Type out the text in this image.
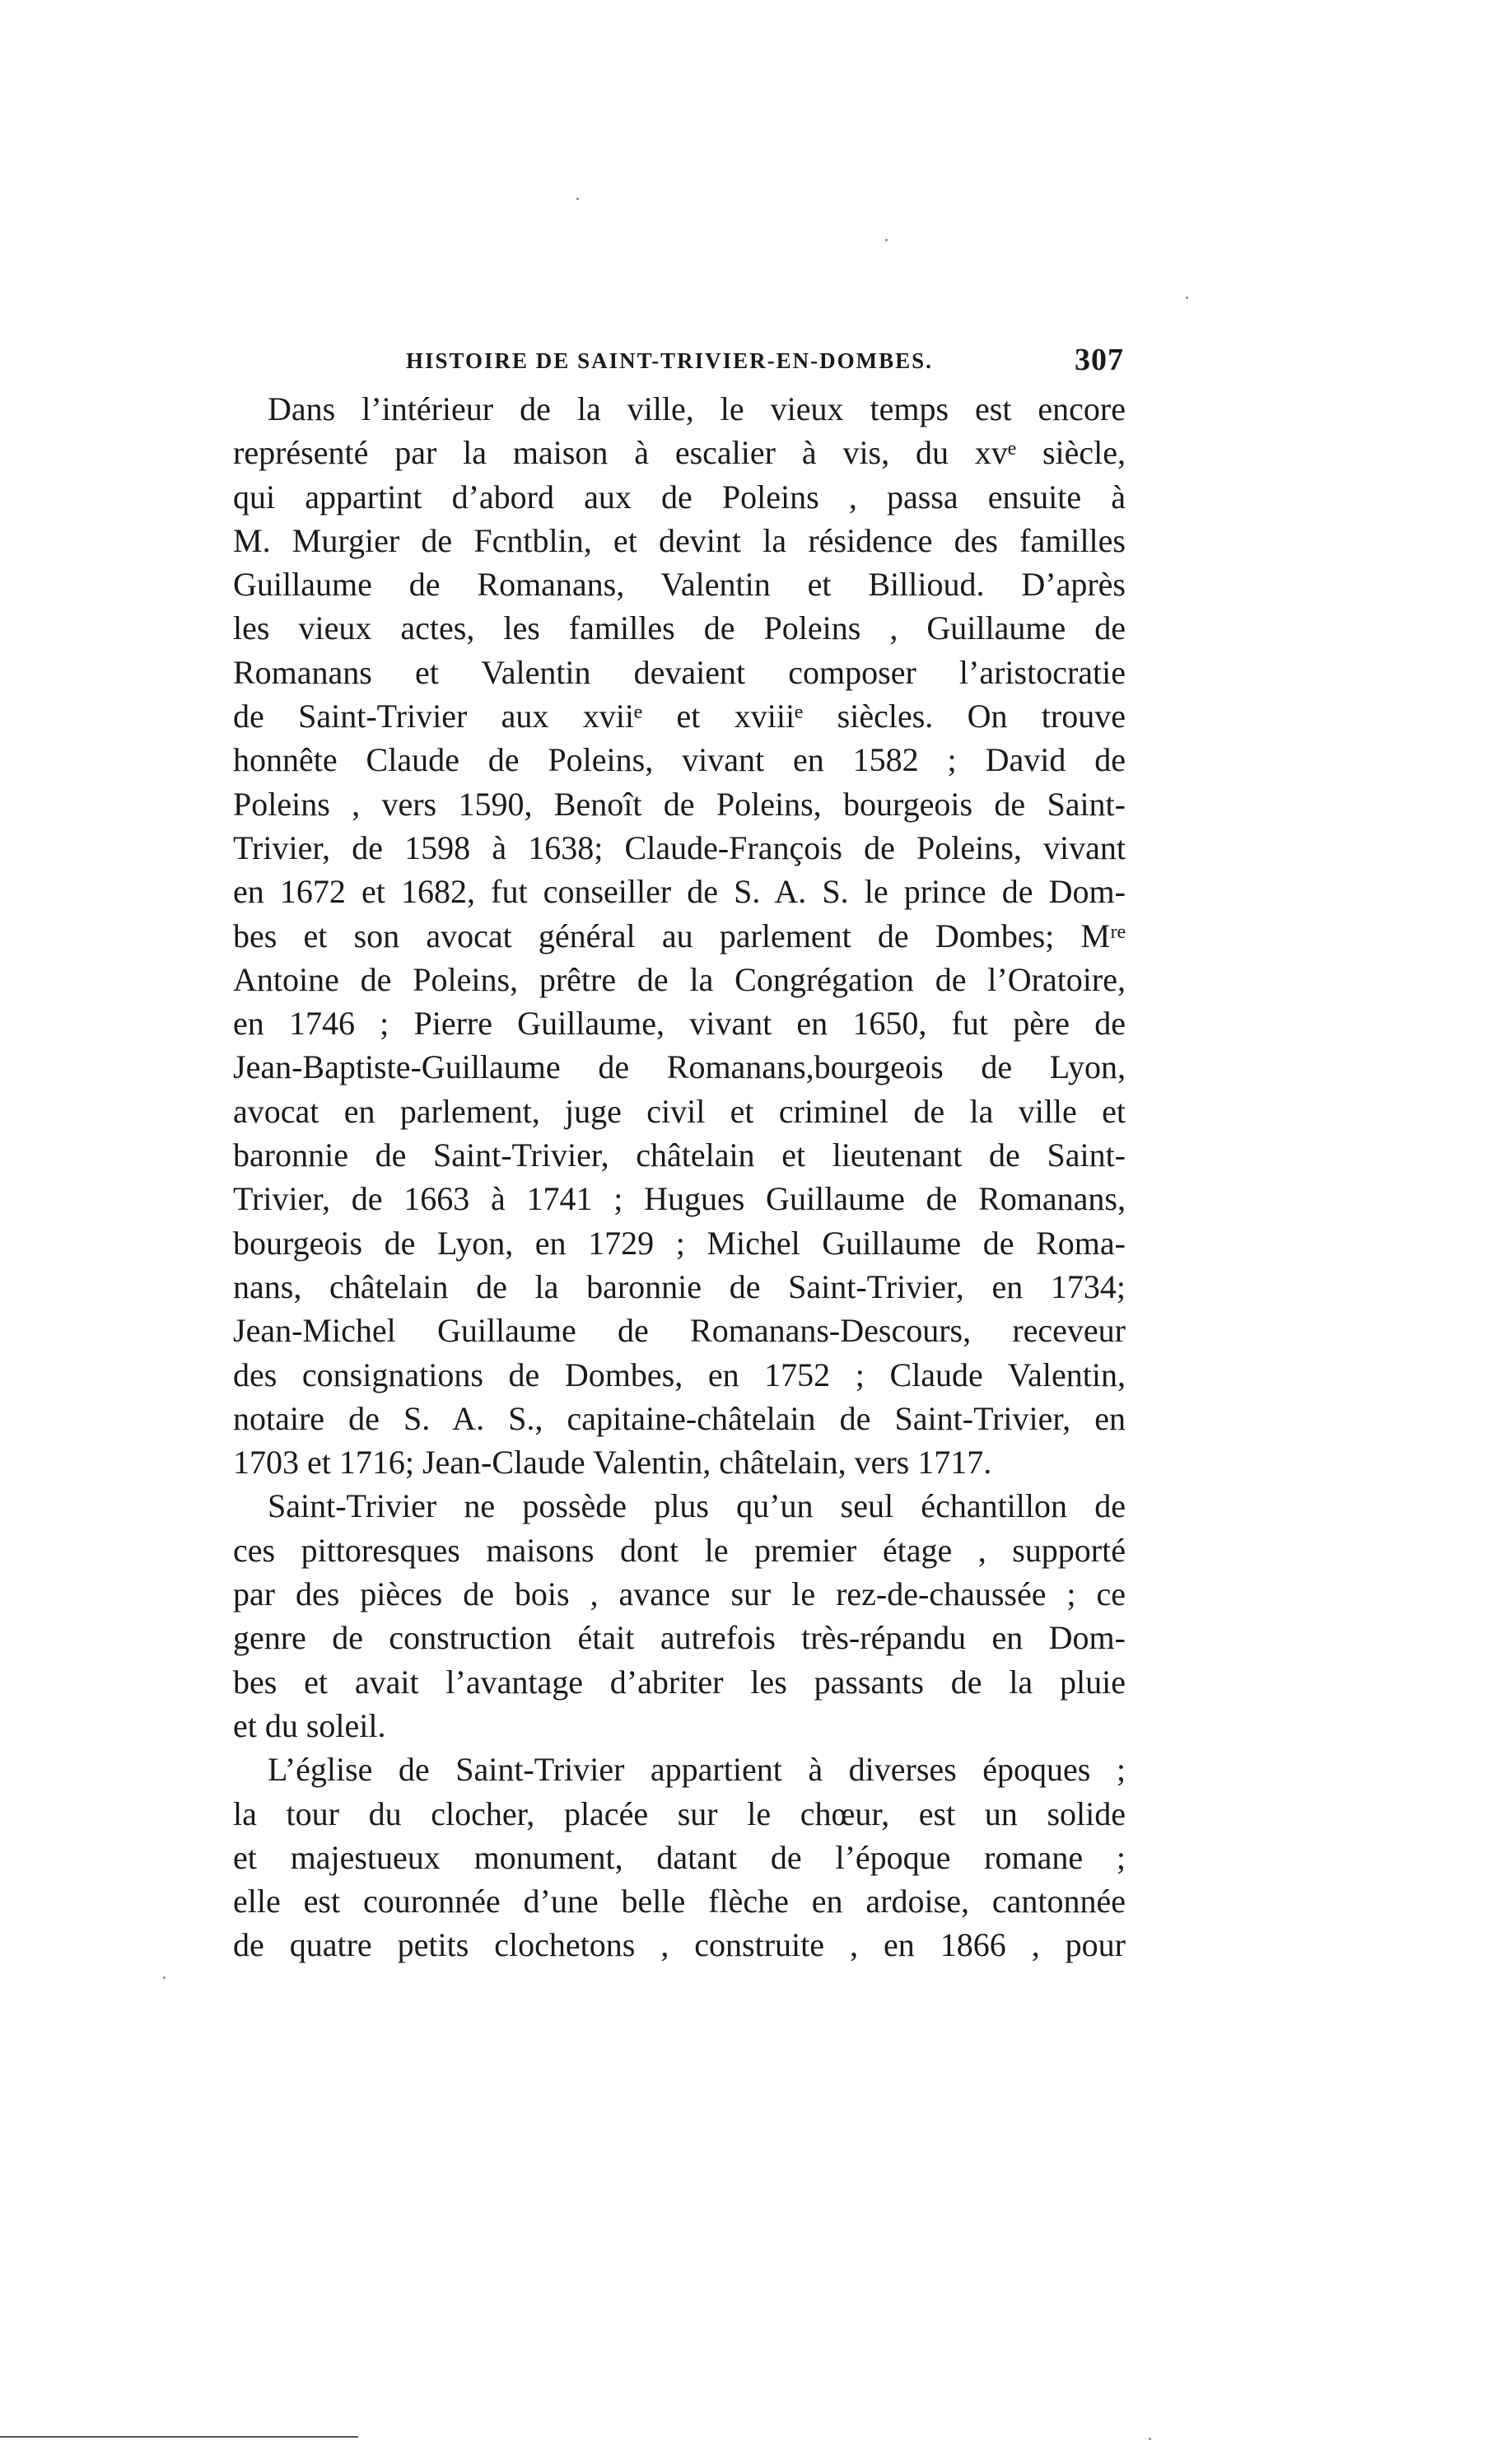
HISTOIRE DE SAINT-TRIVIER-EN-DOMBES.	307
Dans l’intérieur de la ville, le vieux temps est encore
représenté par la maison à escalier à vis, du xvᵉ siècle,
qui appartint d’abord aux de Poleins , passa ensuite à
M. Murgier de Fcntblin, et devint la résidence des familles
Guillaume de Romanans, Valentin et Billioud. D’après
les vieux actes, les familles de Poleins , Guillaume de
Romanans et Valentin devaient composer l’aristocratie
de Saint-Trivier aux xviiᵉ et xviiiᵉ siècles. On trouve
honnête Claude de Poleins, vivant en 1582 ; David de
Poleins , vers 1590, Benoît de Poleins, bourgeois de Saint-
Trivier, de 1598 à 1638; Claude-François de Poleins, vivant
en 1672 et 1682, fut conseiller de S. A. S. le prince de Dom-
bes et son avocat général au parlement de Dombes; Mʳᵉ
Antoine de Poleins, prêtre de la Congrégation de l’Oratoire,
en 1746 ; Pierre Guillaume, vivant en 1650, fut père de
Jean-Baptiste-Guillaume de Romanans,bourgeois de Lyon,
avocat en parlement, juge civil et criminel de la ville et
baronnie de Saint-Trivier, châtelain et lieutenant de Saint-
Trivier, de 1663 à 1741 ; Hugues Guillaume de Romanans,
bourgeois de Lyon, en 1729 ; Michel Guillaume de Roma-
nans, châtelain de la baronnie de Saint-Trivier, en 1734;
Jean-Michel Guillaume de Romanans-Descours, receveur
des consignations de Dombes, en 1752 ; Claude Valentin,
notaire de S. A. S., capitaine-châtelain de Saint-Trivier, en
1703 et 1716; Jean-Claude Valentin, châtelain, vers 1717.
Saint-Trivier ne possède plus qu’un seul échantillon de
ces pittoresques maisons dont le premier étage , supporté
par des pièces de bois , avance sur le rez-de-chaussée ; ce
genre de construction était autrefois très-répandu en Dom-
bes et avait l’avantage d’abriter les passants de la pluie
et du soleil.
L’église de Saint-Trivier appartient à diverses époques ;
la tour du clocher, placée sur le chœur, est un solide
et majestueux monument, datant de l’époque romane ;
elle est couronnée d’une belle flèche en ardoise, cantonnée
de quatre petits clochetons , construite , en 1866 , pour
